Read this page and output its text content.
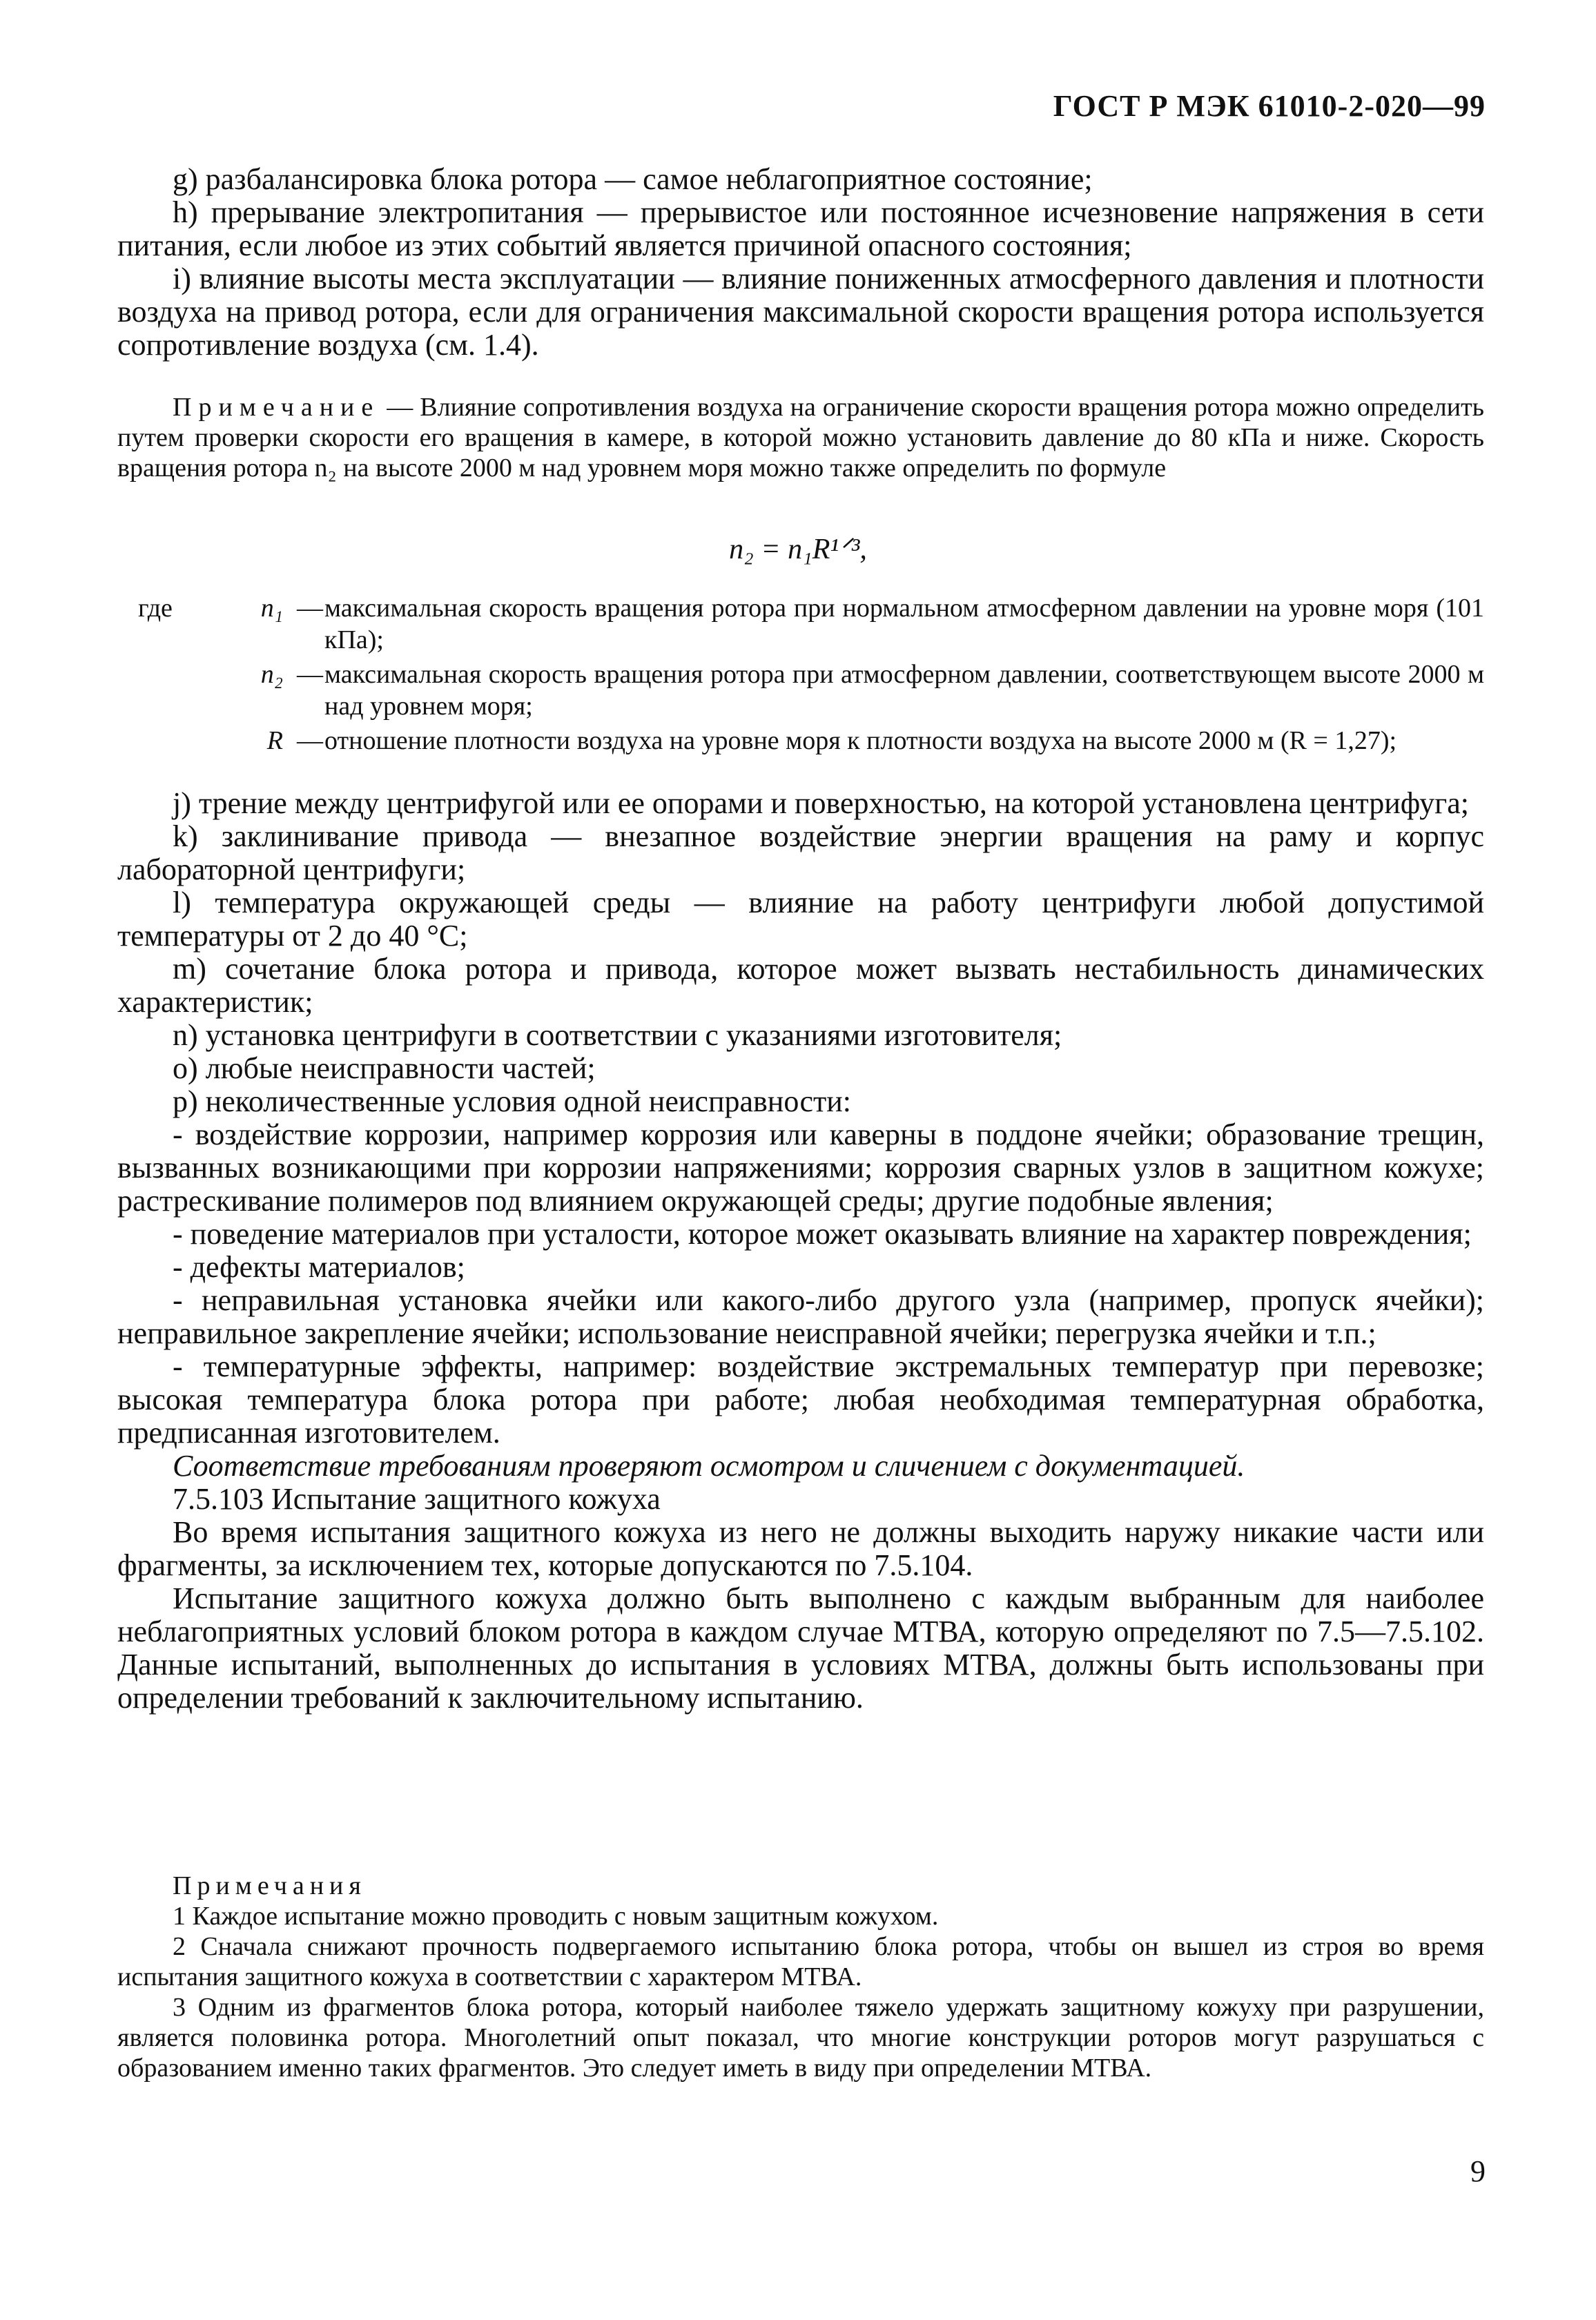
ГОСТ Р МЭК 61010-2-020—99

g) разбалансировка блока ротора — самое неблагоприятное состояние;

h) прерывание электропитания — прерывистое или постоянное исчезновение напряжения в сети питания, если любое из этих событий является причиной опасного состояния;

i) влияние высоты места эксплуатации — влияние пониженных атмосферного давления и плотности воздуха на привод ротора, если для ограничения максимальной скорости вращения ротора используется сопротивление воздуха (см. 1.4).

Примечание — Влияние сопротивления воздуха на ограничение скорости вращения ротора можно определить путем проверки скорости его вращения в камере, в которой можно установить давление до 80 кПа и ниже. Скорость вращения ротора n₂ на высоте 2000 м над уровнем моря можно также определить по формуле

n₂ = n₁R¹ᐟ³,
где	n₁ — максимальная скорость вращения ротора при нормальном атмосферном давлении на уровне моря (101 кПа);
n₂ — максимальная скорость вращения ротора при атмосферном давлении, соответствующем высоте 2000 м над уровнем моря;
R — отношение плотности воздуха на уровне моря к плотности воздуха на высоте 2000 м (R = 1,27);

j) трение между центрифугой или ее опорами и поверхностью, на которой установлена центрифуга;

k) заклинивание привода — внезапное воздействие энергии вращения на раму и корпус лабораторной центрифуги;

l) температура окружающей среды — влияние на работу центрифуги любой допустимой температуры от 2 до 40 °С;

m) сочетание блока ротора и привода, которое может вызвать нестабильность динамических характеристик;

n) установка центрифуги в соответствии с указаниями изготовителя;

o) любые неисправности частей;

p) неколичественные условия одной неисправности:

- воздействие коррозии, например коррозия или каверны в поддоне ячейки; образование трещин, вызванных возникающими при коррозии напряжениями; коррозия сварных узлов в защитном кожухе; растрескивание полимеров под влиянием окружающей среды; другие подобные явления;

- поведение материалов при усталости, которое может оказывать влияние на характер повреждения;

- дефекты материалов;

- неправильная установка ячейки или какого-либо другого узла (например, пропуск ячейки); неправильное закрепление ячейки; использование неисправной ячейки; перегрузка ячейки и т.п.;

- температурные эффекты, например: воздействие экстремальных температур при перевозке; высокая температура блока ротора при работе; любая необходимая температурная обработка, предписанная изготовителем.

Соответствие требованиям проверяют осмотром и сличением с документацией.

7.5.103 Испытание защитного кожуха

Во время испытания защитного кожуха из него не должны выходить наружу никакие части или фрагменты, за исключением тех, которые допускаются по 7.5.104.

Испытание защитного кожуха должно быть выполнено с каждым выбранным для наиболее неблагоприятных условий блоком ротора в каждом случае МТВА, которую определяют по 7.5—7.5.102. Данные испытаний, выполненных до испытания в условиях МТВА, должны быть использованы при определении требований к заключительному испытанию.

Примечания

1 Каждое испытание можно проводить с новым защитным кожухом.

2 Сначала снижают прочность подвергаемого испытанию блока ротора, чтобы он вышел из строя во время испытания защитного кожуха в соответствии с характером МТВА.

3 Одним из фрагментов блока ротора, который наиболее тяжело удержать защитному кожуху при разрушении, является половинка ротора. Многолетний опыт показал, что многие конструкции роторов могут разрушаться с образованием именно таких фрагментов. Это следует иметь в виду при определении МТВА.

9
